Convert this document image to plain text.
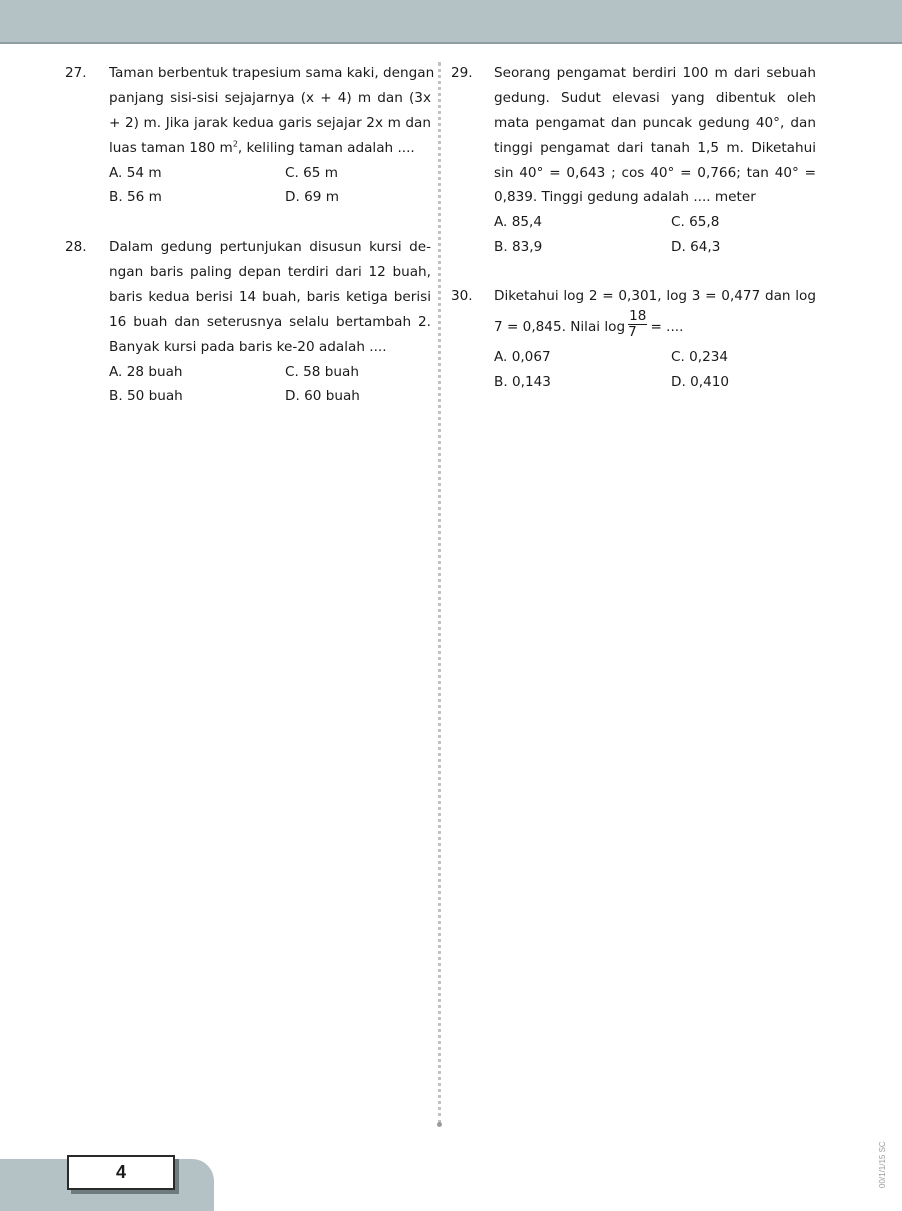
27. Taman berbentuk trapesium sama kaki, dengan
panjang sisi-sisi sejajarnya (x + 4) m dan (3x
+ 2) m. Jika jarak kedua garis sejajar 2x m dan
luas taman 180 $m^2$, keliling taman adalah ....
A. 54 m	C. 65 m
B. 56 m	D. 69 m
28. Dalam gedung pertunjukan disusun kursi de-
ngan baris paling depan terdiri dari 12 buah,
baris kedua berisi 14 buah, baris ketiga berisi
16 buah dan seterusnya selalu bertambah 2.
Banyak kursi pada baris ke-20 adalah ....
A. 28 buah	C. 58 buah
B. 50 buah	D. 60 buah
29. Seorang pengamat berdiri 100 m dari sebuah
gedung. Sudut elevasi yang dibentuk oleh
mata pengamat dan puncak gedung 40°, dan
tinggi pengamat dari tanah 1,5 m. Diketahui
sin 40° = 0,643 ; cos 40° = 0,766; tan 40° =
0,839. Tinggi gedung adalah .... meter
A. 85,4	C. 65,8
B. 83,9	D. 64,3
30. Diketahui log 2 = 0,301, log 3 = 0,477 dan log
7 = 0,845. Nilai $\log \frac{18}{7}$ = ....
A. 0,067	C. 0,234
B. 0,143	D. 0,410
4	00/1/1/15 SC
